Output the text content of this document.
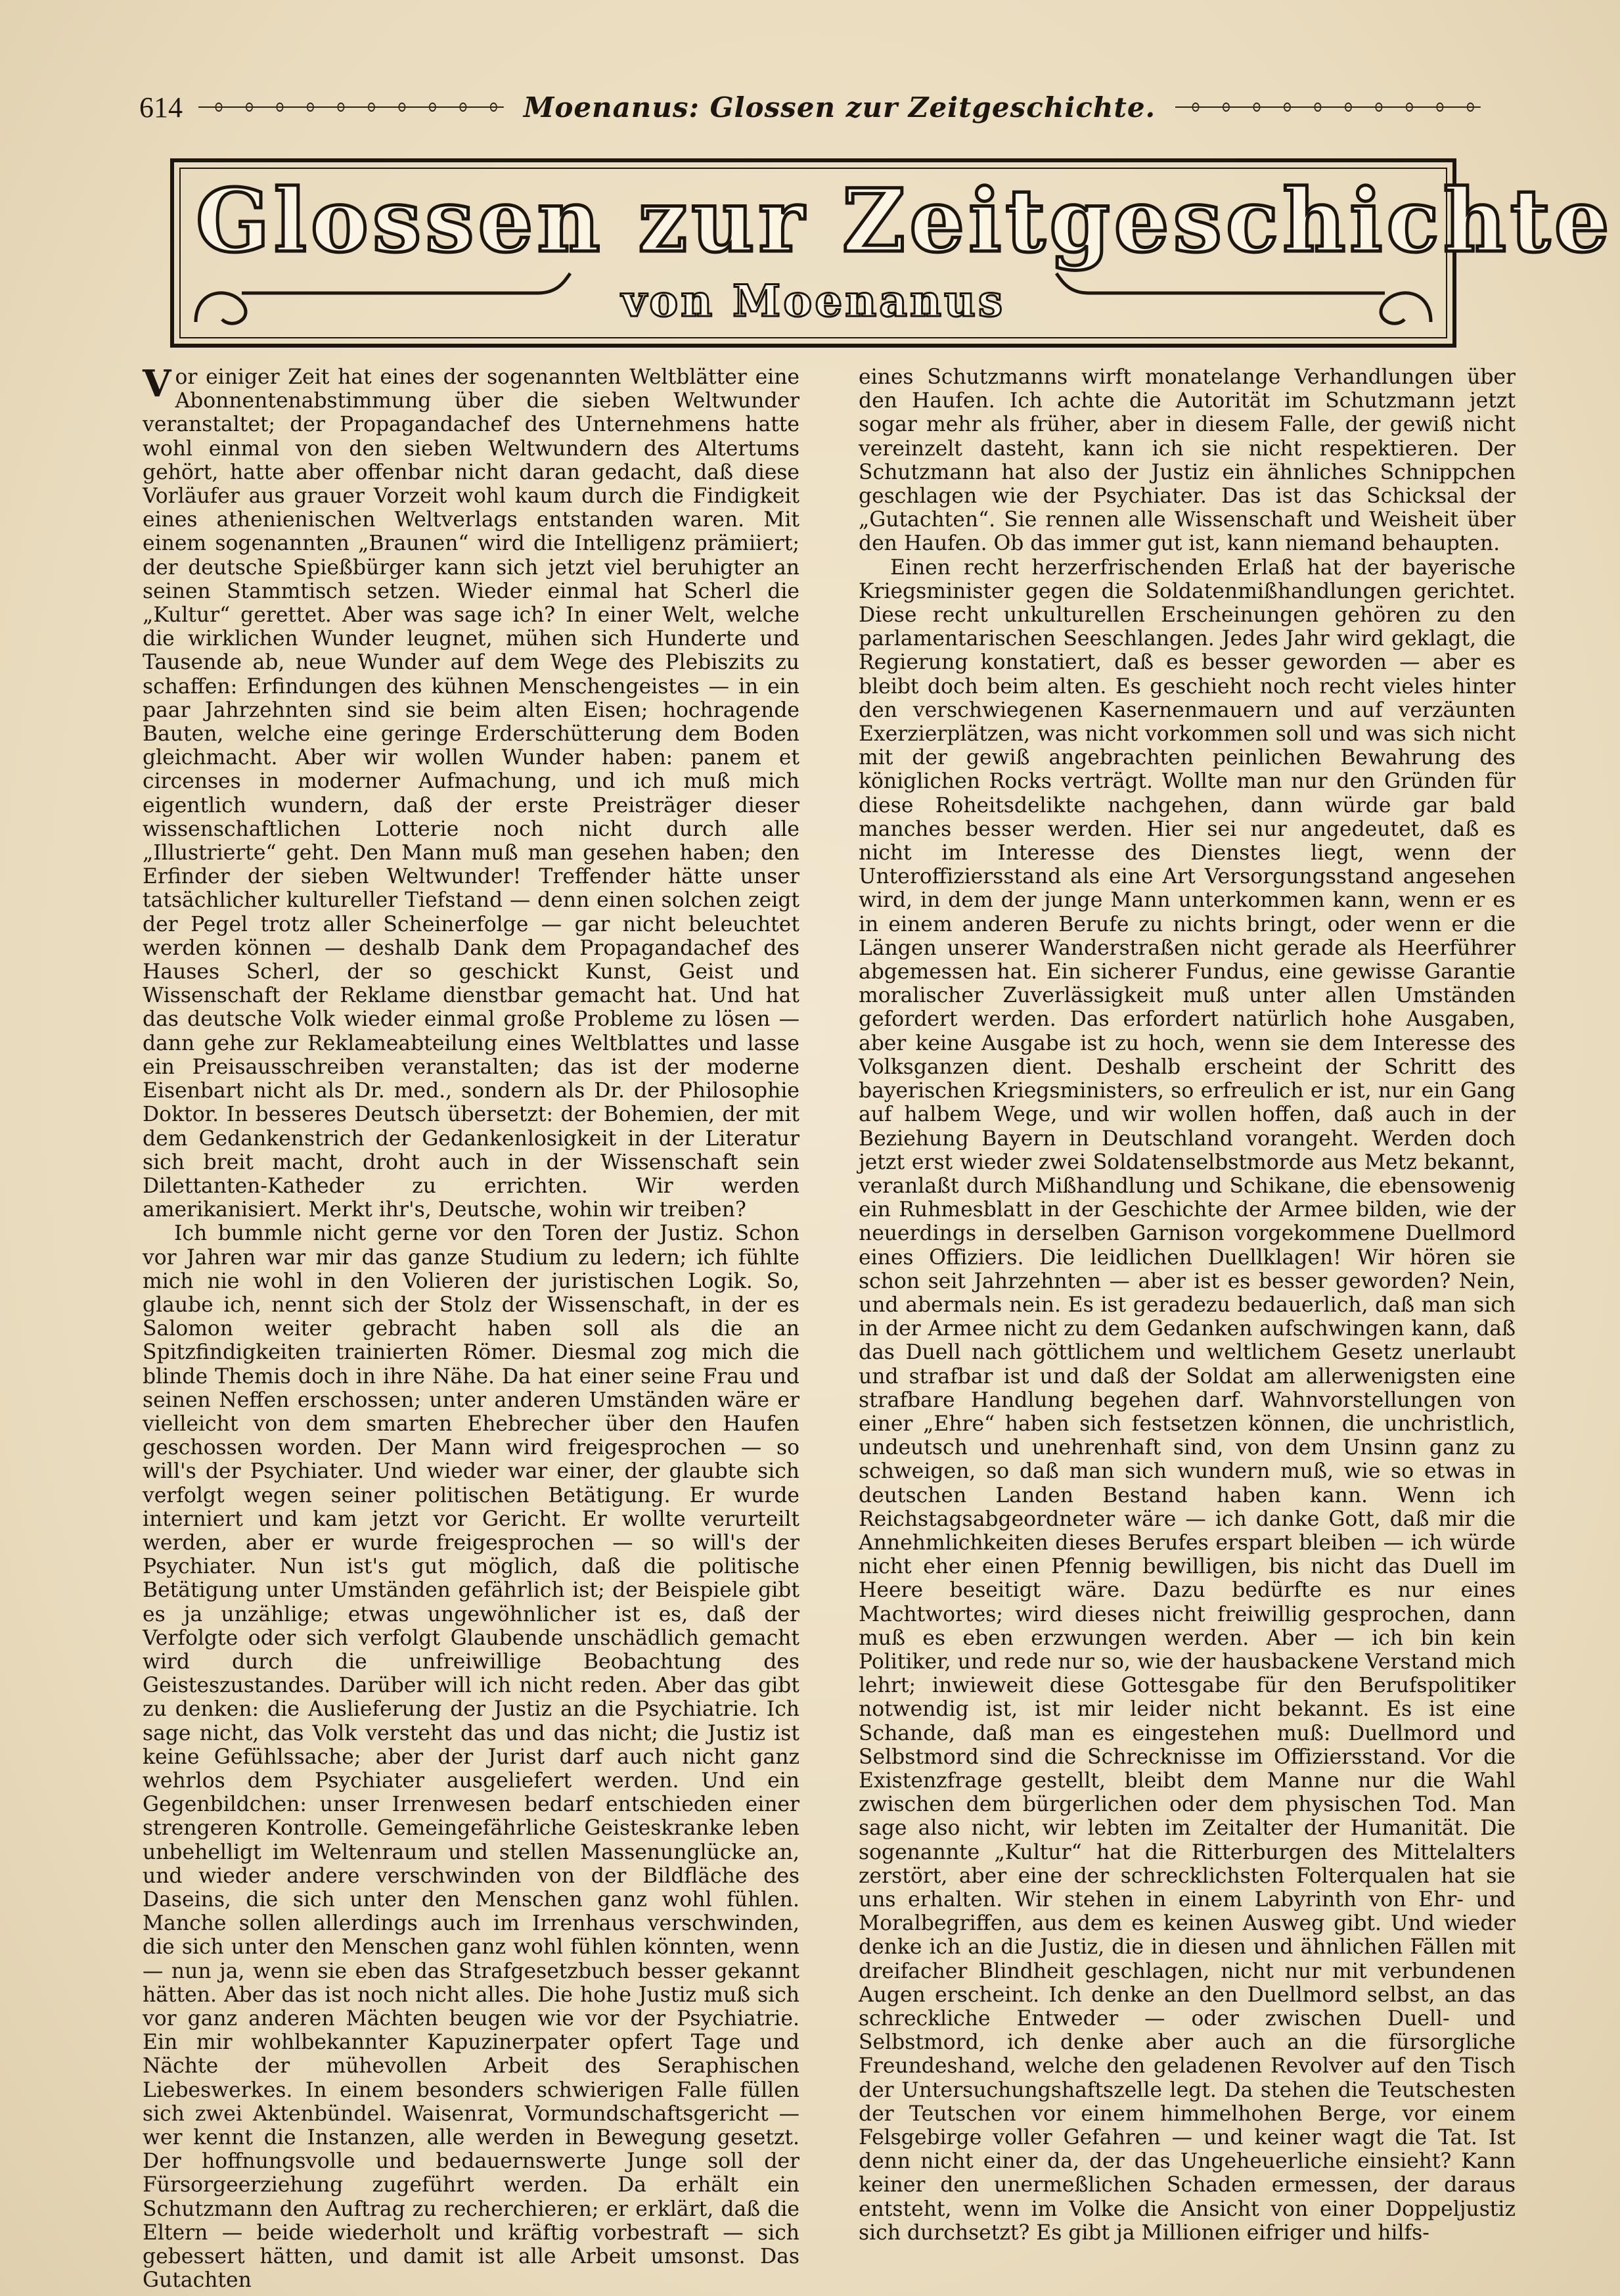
614	Moenanus: Glossen zur Zeitgeschichte.
Glossen zur Zeitgeschichte
von Moenanus

Vor einiger Zeit hat eines der sogenannten Weltblätter eine Abonnentenabstimmung über die sieben Weltwunder veranstaltet; der Propagandachef des Unternehmens hatte wohl einmal von den sieben Weltwundern des Altertums gehört, hatte aber offenbar nicht daran gedacht, daß diese Vorläufer aus grauer Vorzeit wohl kaum durch die Findigkeit eines athenienischen Weltverlags entstanden waren. Mit einem sogenannten „Braunen“ wird die Intelligenz prämiiert; der deutsche Spießbürger kann sich jetzt viel beruhigter an seinen Stammtisch setzen. Wieder einmal hat Scherl die „Kultur“ gerettet. Aber was sage ich? In einer Welt, welche die wirklichen Wunder leugnet, mühen sich Hunderte und Tausende ab, neue Wunder auf dem Wege des Plebiszits zu schaffen: Erfindungen des kühnen Menschengeistes — in ein paar Jahrzehnten sind sie beim alten Eisen; hochragende Bauten, welche eine geringe Erderschütterung dem Boden gleichmacht. Aber wir wollen Wunder haben: panem et circenses in moderner Aufmachung, und ich muß mich eigentlich wundern, daß der erste Preisträger dieser wissenschaftlichen Lotterie noch nicht durch alle „Illustrierte“ geht. Den Mann muß man gesehen haben; den Erfinder der sieben Weltwunder! Treffender hätte unser tatsächlicher kultureller Tiefstand — denn einen solchen zeigt der Pegel trotz aller Scheinerfolge — gar nicht beleuchtet werden können — deshalb Dank dem Propagandachef des Hauses Scherl, der so geschickt Kunst, Geist und Wissenschaft der Reklame dienstbar gemacht hat. Und hat das deutsche Volk wieder einmal große Probleme zu lösen — dann gehe zur Reklameabteilung eines Weltblattes und lasse ein Preisausschreiben veranstalten; das ist der moderne Eisenbart nicht als Dr. med., sondern als Dr. der Philosophie Doktor. In besseres Deutsch übersetzt: der Bohemien, der mit dem Gedankenstrich der Gedankenlosigkeit in der Literatur sich breit macht, droht auch in der Wissenschaft sein Dilettanten-Katheder zu errichten. Wir werden amerikanisiert. Merkt ihr's, Deutsche, wohin wir treiben?

Ich bummle nicht gerne vor den Toren der Justiz. Schon vor Jahren war mir das ganze Studium zu ledern; ich fühlte mich nie wohl in den Volieren der juristischen Logik. So, glaube ich, nennt sich der Stolz der Wissenschaft, in der es Salomon weiter gebracht haben soll als die an Spitzfindigkeiten trainierten Römer. Diesmal zog mich die blinde Themis doch in ihre Nähe. Da hat einer seine Frau und seinen Neffen erschossen; unter anderen Umständen wäre er vielleicht von dem smarten Ehebrecher über den Haufen geschossen worden. Der Mann wird freigesprochen — so will's der Psychiater. Und wieder war einer, der glaubte sich verfolgt wegen seiner politischen Betätigung. Er wurde interniert und kam jetzt vor Gericht. Er wollte verurteilt werden, aber er wurde freigesprochen — so will's der Psychiater. Nun ist's gut möglich, daß die politische Betätigung unter Umständen gefährlich ist; der Beispiele gibt es ja unzählige; etwas ungewöhnlicher ist es, daß der Verfolgte oder sich verfolgt Glaubende unschädlich gemacht wird durch die unfreiwillige Beobachtung des Geisteszustandes. Darüber will ich nicht reden. Aber das gibt zu denken: die Auslieferung der Justiz an die Psychiatrie. Ich sage nicht, das Volk versteht das und das nicht; die Justiz ist keine Gefühlssache; aber der Jurist darf auch nicht ganz wehrlos dem Psychiater ausgeliefert werden. Und ein Gegenbildchen: unser Irrenwesen bedarf entschieden einer strengeren Kontrolle. Gemeingefährliche Geisteskranke leben unbehelligt im Weltenraum und stellen Massenunglücke an, und wieder andere verschwinden von der Bildfläche des Daseins, die sich unter den Menschen ganz wohl fühlen. Manche sollen allerdings auch im Irrenhaus verschwinden, die sich unter den Menschen ganz wohl fühlen könnten, wenn — nun ja, wenn sie eben das Strafgesetzbuch besser gekannt hätten. Aber das ist noch nicht alles. Die hohe Justiz muß sich vor ganz anderen Mächten beugen wie vor der Psychiatrie. Ein mir wohlbekannter Kapuzinerpater opfert Tage und Nächte der mühevollen Arbeit des Seraphischen Liebeswerkes. In einem besonders schwierigen Falle füllen sich zwei Aktenbündel. Waisenrat, Vormundschaftsgericht — wer kennt die Instanzen, alle werden in Bewegung gesetzt. Der hoffnungsvolle und bedauernswerte Junge soll der Fürsorgeerziehung zugeführt werden. Da erhält ein Schutzmann den Auftrag zu recherchieren; er erklärt, daß die Eltern — beide wiederholt und kräftig vorbestraft — sich gebessert hätten, und damit ist alle Arbeit umsonst. Das Gutachten

eines Schutzmanns wirft monatelange Verhandlungen über den Haufen. Ich achte die Autorität im Schutzmann jetzt sogar mehr als früher, aber in diesem Falle, der gewiß nicht vereinzelt dasteht, kann ich sie nicht respektieren. Der Schutzmann hat also der Justiz ein ähnliches Schnippchen geschlagen wie der Psychiater. Das ist das Schicksal der „Gutachten“. Sie rennen alle Wissenschaft und Weisheit über den Haufen. Ob das immer gut ist, kann niemand behaupten.

Einen recht herzerfrischenden Erlaß hat der bayerische Kriegsminister gegen die Soldatenmißhandlungen gerichtet. Diese recht unkulturellen Erscheinungen gehören zu den parlamentarischen Seeschlangen. Jedes Jahr wird geklagt, die Regierung konstatiert, daß es besser geworden — aber es bleibt doch beim alten. Es geschieht noch recht vieles hinter den verschwiegenen Kasernenmauern und auf verzäunten Exerzierplätzen, was nicht vorkommen soll und was sich nicht mit der gewiß angebrachten peinlichen Bewahrung des königlichen Rocks verträgt. Wollte man nur den Gründen für diese Roheitsdelikte nachgehen, dann würde gar bald manches besser werden. Hier sei nur angedeutet, daß es nicht im Interesse des Dienstes liegt, wenn der Unteroffiziersstand als eine Art Versorgungsstand angesehen wird, in dem der junge Mann unterkommen kann, wenn er es in einem anderen Berufe zu nichts bringt, oder wenn er die Längen unserer Wanderstraßen nicht gerade als Heerführer abgemessen hat. Ein sicherer Fundus, eine gewisse Garantie moralischer Zuverlässigkeit muß unter allen Umständen gefordert werden. Das erfordert natürlich hohe Ausgaben, aber keine Ausgabe ist zu hoch, wenn sie dem Interesse des Volksganzen dient. Deshalb erscheint der Schritt des bayerischen Kriegsministers, so erfreulich er ist, nur ein Gang auf halbem Wege, und wir wollen hoffen, daß auch in der Beziehung Bayern in Deutschland vorangeht. Werden doch jetzt erst wieder zwei Soldatenselbstmorde aus Metz bekannt, veranlaßt durch Mißhandlung und Schikane, die ebensowenig ein Ruhmesblatt in der Geschichte der Armee bilden, wie der neuerdings in derselben Garnison vorgekommene Duellmord eines Offiziers. Die leidlichen Duellklagen! Wir hören sie schon seit Jahrzehnten — aber ist es besser geworden? Nein, und abermals nein. Es ist geradezu bedauerlich, daß man sich in der Armee nicht zu dem Gedanken aufschwingen kann, daß das Duell nach göttlichem und weltlichem Gesetz unerlaubt und strafbar ist und daß der Soldat am allerwenigsten eine strafbare Handlung begehen darf. Wahnvorstellungen von einer „Ehre“ haben sich festsetzen können, die unchristlich, undeutsch und unehrenhaft sind, von dem Unsinn ganz zu schweigen, so daß man sich wundern muß, wie so etwas in deutschen Landen Bestand haben kann. Wenn ich Reichstagsabgeordneter wäre — ich danke Gott, daß mir die Annehmlichkeiten dieses Berufes erspart bleiben — ich würde nicht eher einen Pfennig bewilligen, bis nicht das Duell im Heere beseitigt wäre. Dazu bedürfte es nur eines Machtwortes; wird dieses nicht freiwillig gesprochen, dann muß es eben erzwungen werden. Aber — ich bin kein Politiker, und rede nur so, wie der hausbackene Verstand mich lehrt; inwieweit diese Gottesgabe für den Berufspolitiker notwendig ist, ist mir leider nicht bekannt. Es ist eine Schande, daß man es eingestehen muß: Duellmord und Selbstmord sind die Schrecknisse im Offiziersstand. Vor die Existenzfrage gestellt, bleibt dem Manne nur die Wahl zwischen dem bürgerlichen oder dem physischen Tod. Man sage also nicht, wir lebten im Zeitalter der Humanität. Die sogenannte „Kultur“ hat die Ritterburgen des Mittelalters zerstört, aber eine der schrecklichsten Folterqualen hat sie uns erhalten. Wir stehen in einem Labyrinth von Ehr- und Moralbegriffen, aus dem es keinen Ausweg gibt. Und wieder denke ich an die Justiz, die in diesen und ähnlichen Fällen mit dreifacher Blindheit geschlagen, nicht nur mit verbundenen Augen erscheint. Ich denke an den Duellmord selbst, an das schreckliche Entweder — oder zwischen Duell- und Selbstmord, ich denke aber auch an die fürsorgliche Freundeshand, welche den geladenen Revolver auf den Tisch der Untersuchungshaftszelle legt. Da stehen die Teutschesten der Teutschen vor einem himmelhohen Berge, vor einem Felsgebirge voller Gefahren — und keiner wagt die Tat. Ist denn nicht einer da, der das Ungeheuerliche einsieht? Kann keiner den unermeßlichen Schaden ermessen, der daraus entsteht, wenn im Volke die Ansicht von einer Doppeljustiz sich durchsetzt? Es gibt ja Millionen eifriger und hilfs-
